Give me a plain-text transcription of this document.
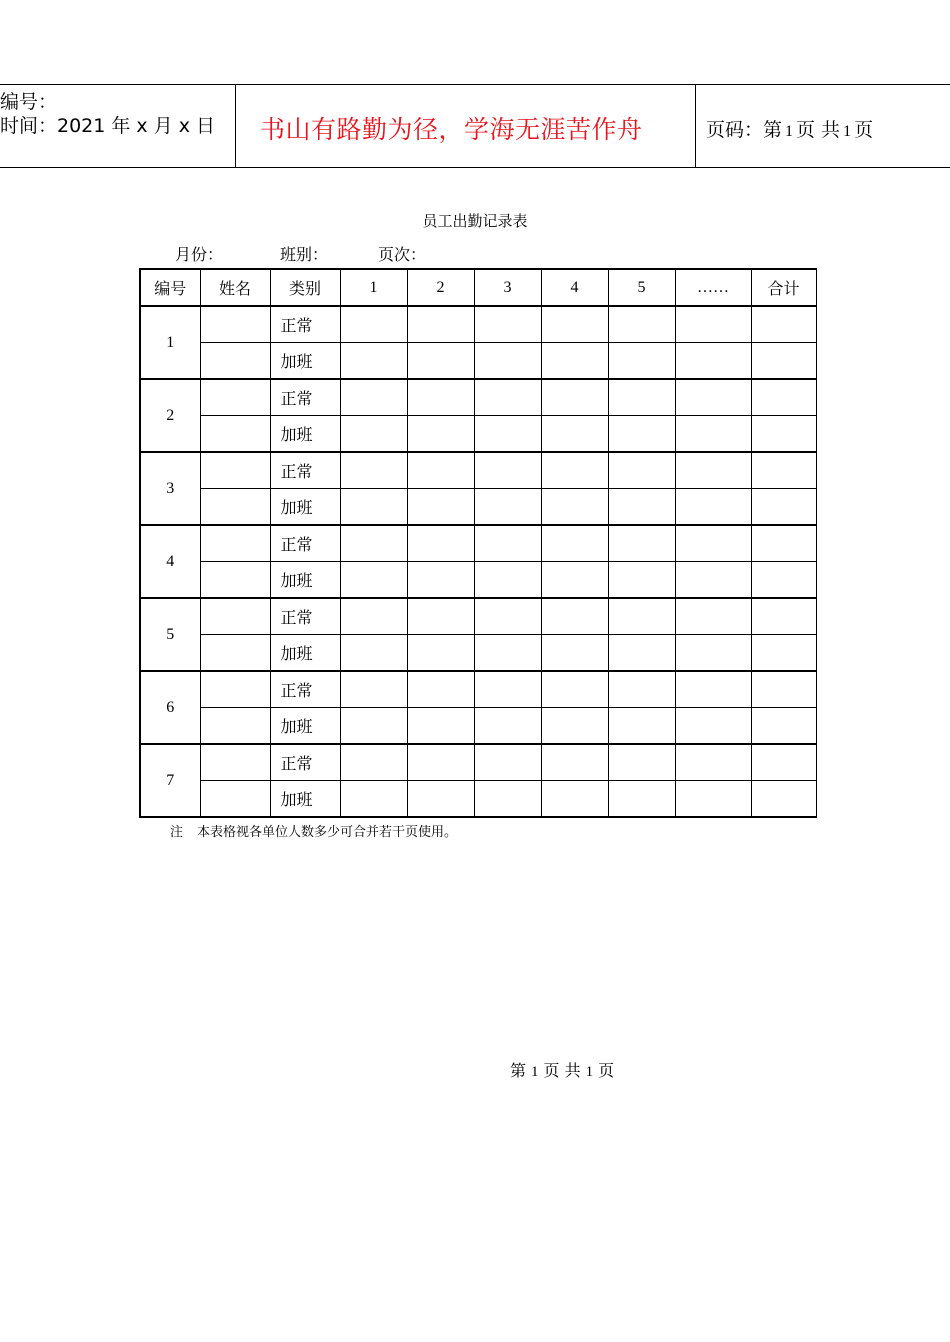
编号：
时间：2021 年 x 月 x 日 书山有路勤为径，学海无涯苦作舟	页码：第 1 页 共 1 页
员工出勤记录表
月份：	班别：	页次：
编号	姓名	类别	1	2	3	4	5	……	合计
1		正常							
		加班							
2		正常							
		加班							
3		正常							
		加班							
4		正常							
		加班							
5		正常							
		加班							
6		正常							
		加班							
7		正常							
		加班							
注 本表格视各单位人数多少可合并若干页使用。
第 1 页 共 1 页
